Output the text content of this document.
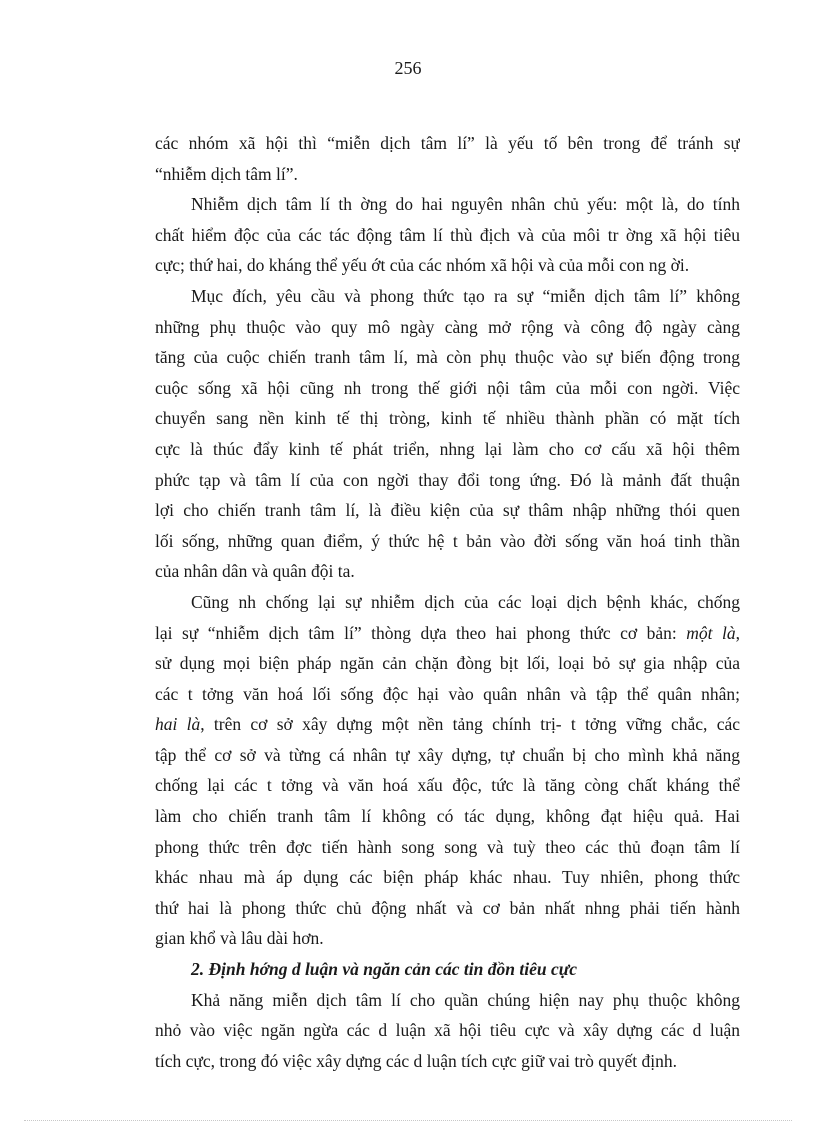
256
các nhóm xã hội thì “miễn dịch tâm lí” là yếu tố bên trong để tránh sự
“nhiễm dịch tâm lí”.
Nhiễm dịch tâm lí th ờng do hai nguyên nhân chủ yếu: một là, do tính
chất hiểm độc của các tác động tâm lí thù địch và của môi tr ờng xã hội tiêu
cực; thứ hai, do kháng thể yếu ớt của các nhóm xã hội và của mỗi con ng ời.
Mục đích, yêu cầu và phong thức tạo ra sự “miễn dịch tâm lí” không
những phụ thuộc vào quy mô ngày càng mở rộng và công độ ngày càng
tăng của cuộc chiến tranh tâm lí, mà còn phụ thuộc vào sự biến động trong
cuộc sống xã hội cũng nh trong thế giới nội tâm của mỗi con ngời. Việc
chuyển sang nền kinh tế thị tròng, kinh tế nhiều thành phần có mặt tích
cực là thúc đẩy kinh tế phát triển, nhng lại làm cho cơ cấu xã hội thêm
phức tạp và tâm lí của con ngời thay đổi tong ứng. Đó là mảnh đất thuận
lợi cho chiến tranh tâm lí, là điều kiện của sự thâm nhập những thói quen
lối sống, những quan điểm, ý thức hệ t bản vào đời sống văn hoá tinh thần
của nhân dân và quân đội ta.
Cũng nh chống lại sự nhiễm dịch của các loại dịch bệnh khác, chống
lại sự “nhiễm dịch tâm lí” thòng dựa theo hai phong thức cơ bản: một là,
sử dụng mọi biện pháp ngăn cản chặn đòng bịt lối, loại bỏ sự gia nhập của
các t tởng văn hoá lối sống độc hại vào quân nhân và tập thể quân nhân;
hai là, trên cơ sở xây dựng một nền tảng chính trị- t tởng vững chắc, các
tập thể cơ sở và từng cá nhân tự xây dựng, tự chuẩn bị cho mình khả năng
chống lại các t tởng và văn hoá xấu độc, tức là tăng còng chất kháng thể
làm cho chiến tranh tâm lí không có tác dụng, không đạt hiệu quả. Hai
phong thức trên đợc tiến hành song song và tuỳ theo các thủ đoạn tâm lí
khác nhau mà áp dụng các biện pháp khác nhau. Tuy nhiên, phong thức
thứ hai là phong thức chủ động nhất và cơ bản nhất nhng phải tiến hành
gian khổ và lâu dài hơn.
2. Định hớng d luận và ngăn cản các tin đồn tiêu cực
Khả năng miễn dịch tâm lí cho quần chúng hiện nay phụ thuộc không
nhỏ vào việc ngăn ngừa các d luận xã hội tiêu cực và xây dựng các d luận
tích cực, trong đó việc xây dựng các d luận tích cực giữ vai trò quyết định.
